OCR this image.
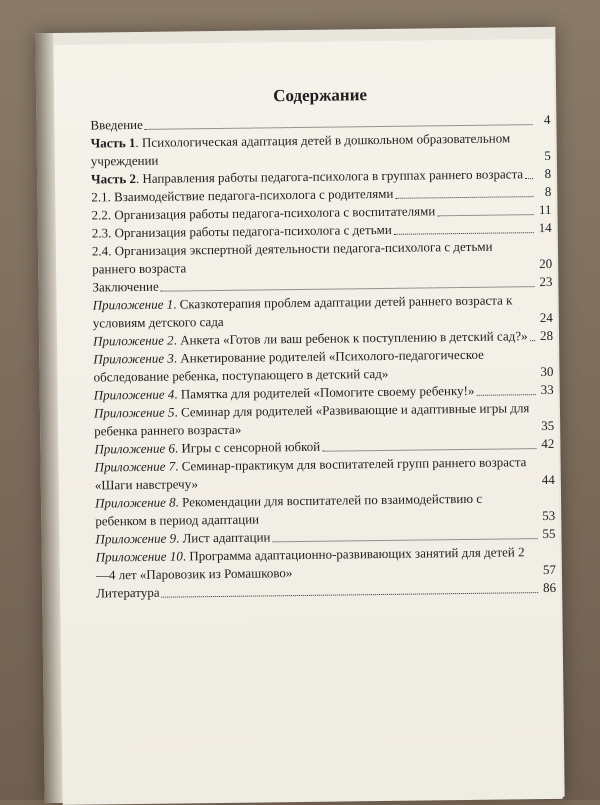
Содержание
Введение	4
Часть 1. Психологическая адаптация детей в дошкольном образовательном учреждении	5
Часть 2. Направления работы педагога-психолога в группах раннего возраста	8
2.1. Взаимодействие педагога-психолога с родителями	8
2.2. Организация работы педагога-психолога с воспитателями	11
2.3. Организация работы педагога-психолога с детьми	14
2.4. Организация экспертной деятельности педагога-психолога с детьми раннего возраста	20
Заключение	23
Приложение 1. Сказкотерапия проблем адаптации детей раннего возраста к условиям детского сада	24
Приложение 2. Анкета «Готов ли ваш ребенок к поступлению в детский сад?» 28
Приложение 3. Анкетирование родителей «Психолого-педагогическое обследование ребенка, поступающего в детский сад»	30
Приложение 4. Памятка для родителей «Помогите своему ребенку!»	33
Приложение 5. Семинар для родителей «Развивающие и адаптивные игры для ребенка раннего возраста»	35
Приложение 6. Игры с сенсорной юбкой	42
Приложение 7. Семинар-практикум для воспитателей групп раннего возраста «Шаги навстречу»	44
Приложение 8. Рекомендации для воспитателей по взаимодействию с ребенком в период адаптации	53
Приложение 9. Лист адаптации	55
Приложение 10. Программа адаптационно-развивающих занятий для детей 2—4 лет «Паровозик из Ромашково»	57
Литература	86
